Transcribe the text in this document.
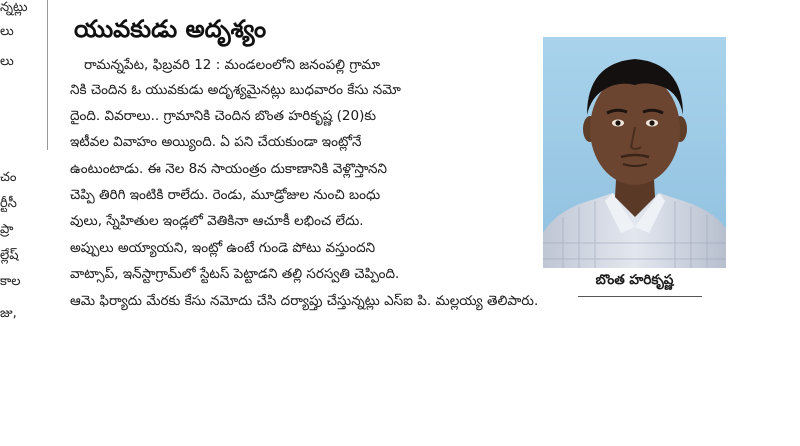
న్నట్లు
లు
లు
చం
ర్టీసీ
ప్రా
ల్లేష్
కాల
జు,
యువకుడు అదృశ్యం
రామన్నపేట, ఫిబ్రవరి 12 : మండలంలోని జనంపల్లి గ్రామా
నికి చెందిన ఓ యువకుడు అదృశ్యమైనట్లు బుధవారం కేసు నమో
దైంది. వివరాలు.. గ్రామానికి చెందిన బొంత హరికృష్ణ (20)కు
ఇటీవల వివాహం అయ్యింది. ఏ పని చేయకుండా ఇంట్లోనే
ఉంటుంటాడు. ఈ నెల 8న సాయంత్రం దుకాణానికి వెళ్లొస్తానని
చెప్పి తిరిగి ఇంటికి రాలేదు. రెండు, మూడ్రోజుల నుంచి బంధు
వులు, స్నేహితుల ఇండ్లలో వెతికినా ఆచూకీ లభించ లేదు.
అప్పులు అయ్యాయని, ఇంట్లో ఉంటే గుండె పోటు వస్తుందని
వాట్సాప్, ఇన్‌స్టాగ్రామ్‌లో స్టేటస్ పెట్టాడని తల్లి సరస్వతి చెప్పింది.
ఆమె ఫిర్యాదు మేరకు కేసు నమోదు చేసి దర్యాప్తు చేస్తున్నట్లు ఎస్ఐ పి. మల్లయ్య తెలిపారు.
బొంత హరికృష్ణ
